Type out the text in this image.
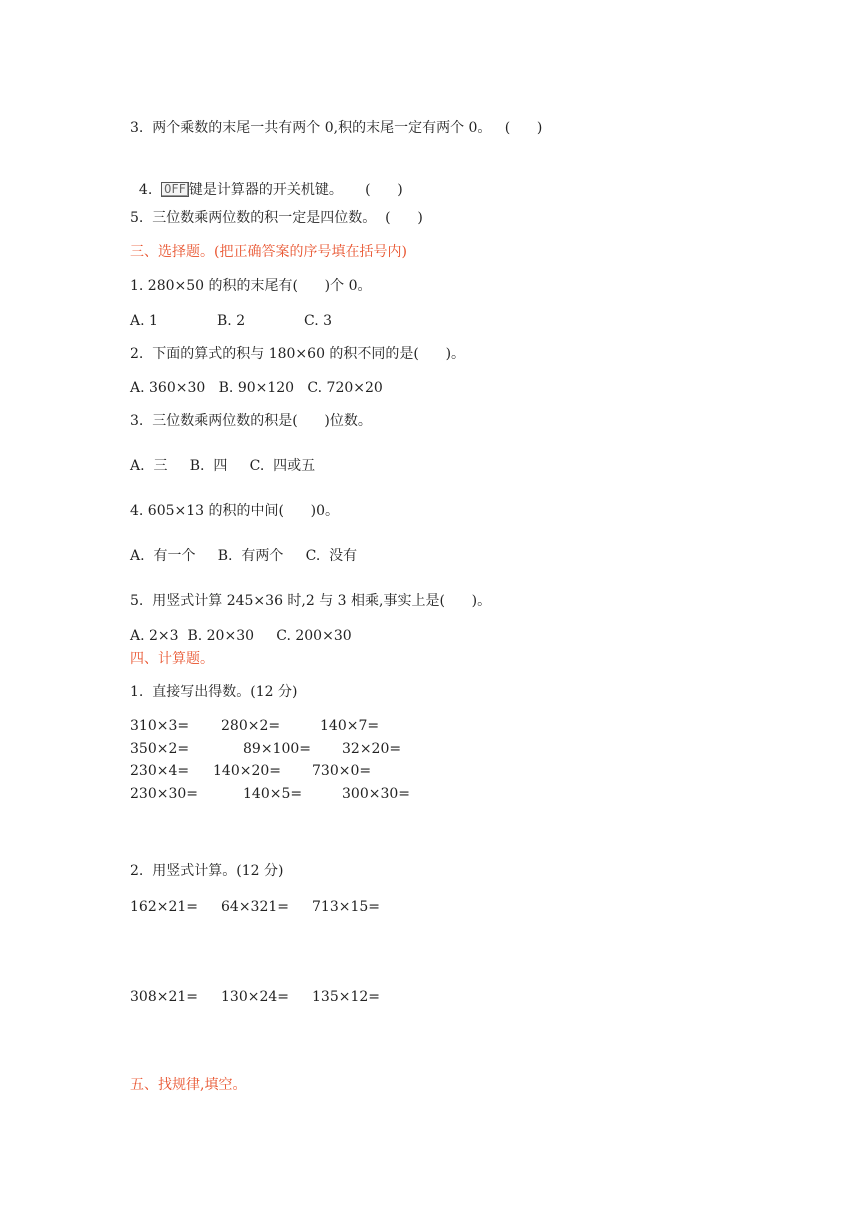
3.  两个乘数的末尾一共有两个 0,积的末尾一定有两个 0。   (      )

4.  OFF 键是计算器的开关机键。     (      )

5.  三位数乘两位数的积一定是四位数。  (      )
三、选择题。(把正确答案的序号填在括号内)
1. 280×50 的积的末尾有(      )个 0。
A. 1	B. 2	C. 3
2.  下面的算式的积与 180×60 的积不同的是(      )。
A. 360×30   B. 90×120   C. 720×20
3.  三位数乘两位数的积是(      )位数。
A.  三     B.  四     C.  四或五
4. 605×13 的积的中间(      )0。
A.  有一个     B.  有两个     C.  没有
5.  用竖式计算 245×36 时,2 与 3 相乘,事实上是(      )。
A. 2×3  B. 20×30     C. 200×30
四、计算题。
1.  直接写出得数。(12 分)
310×3= 280×2=	140×7=
350×2=	89×100= 32×20=
230×4= 140×20= 730×0=
230×30=	140×5=	300×30=
2.  用竖式计算。(12 分)
162×21= 64×321= 713×15=
308×21= 130×24= 135×12=
五、找规律,填空。
